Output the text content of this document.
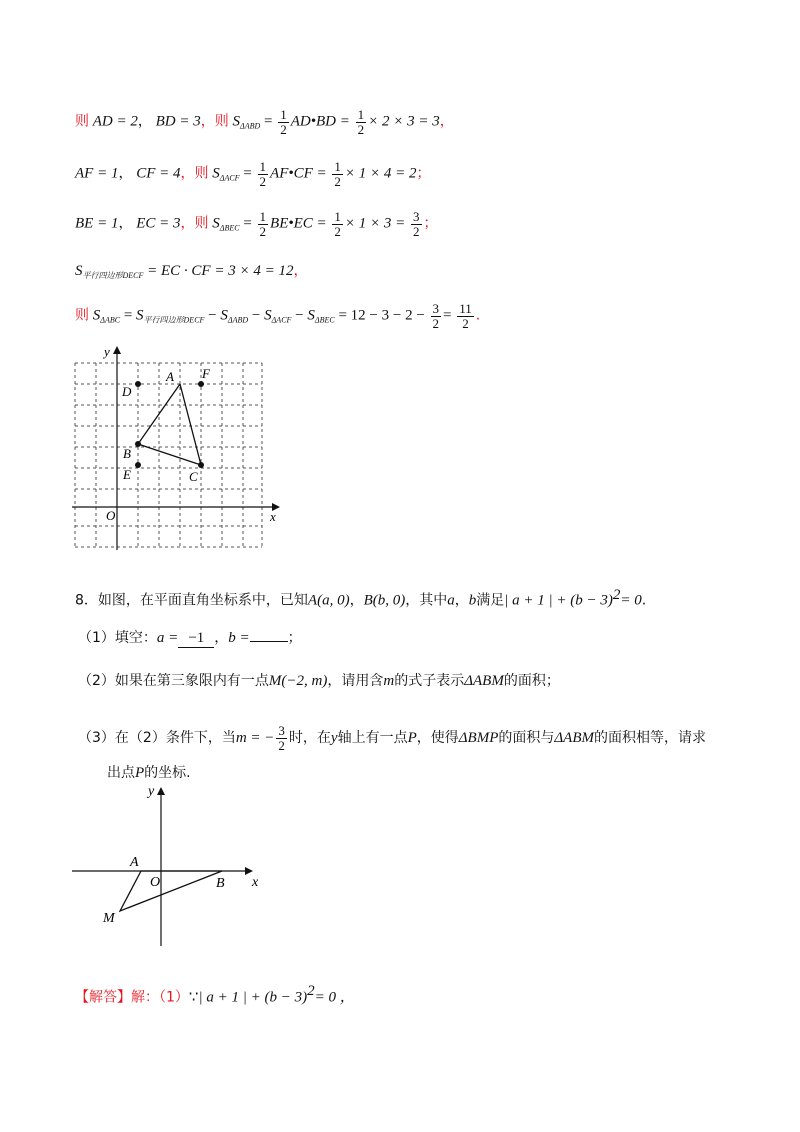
则 AD = 2， BD = 3，则 $S_{\Delta ABD} = \frac{1}{2}$ AD•BD = $\frac{1}{2} \times 2 \times 3 = 3$，
AF = 1， CF = 4，则 $S_{\Delta ACF} = \frac{1}{2}$ AF•CF = $\frac{1}{2} \times 1 \times 4 = 2$；
BE = 1， EC = 3，则 $S_{\Delta BEC} = \frac{1}{2}$ BE•EC = $\frac{1}{2} \times 1 \times 3 = \frac{3}{2}$ ；
$S_{平行四边形DECF}$ = EC · CF = 3 × 4 = 12，
则 $S_{\Delta ABC} = S_{平行四边形DECF} - S_{\Delta ABD} - S_{\Delta ACF} - S_{\Delta BEC} = 12 - 3 - 2 - \frac{3}{2} = \frac{11}{2}$ .
y
x
O
A F
D
B
E	C
8．如图，在平面直角坐标系中，已知A(a, 0)，B(b, 0)，其中a，b满足| a + 1 | + $(b - 3)^2= 0$.
（1）填空：a = −1 ，b =	；
（2）如果在第三象限内有一点M(−2, m)，请用含m的式子表示ΔABM的面积；
（3）在（2）条件下，当m = − $\frac{3}{2}$ 时，在y轴上有一点P，使得ΔBMP的面积与ΔABM的面积相等，请求
出点P的坐标.
y
x
O
A
B
M
【解答】解：（1）∵| a + 1 | + $(b - 3)^2= 0$ ，
